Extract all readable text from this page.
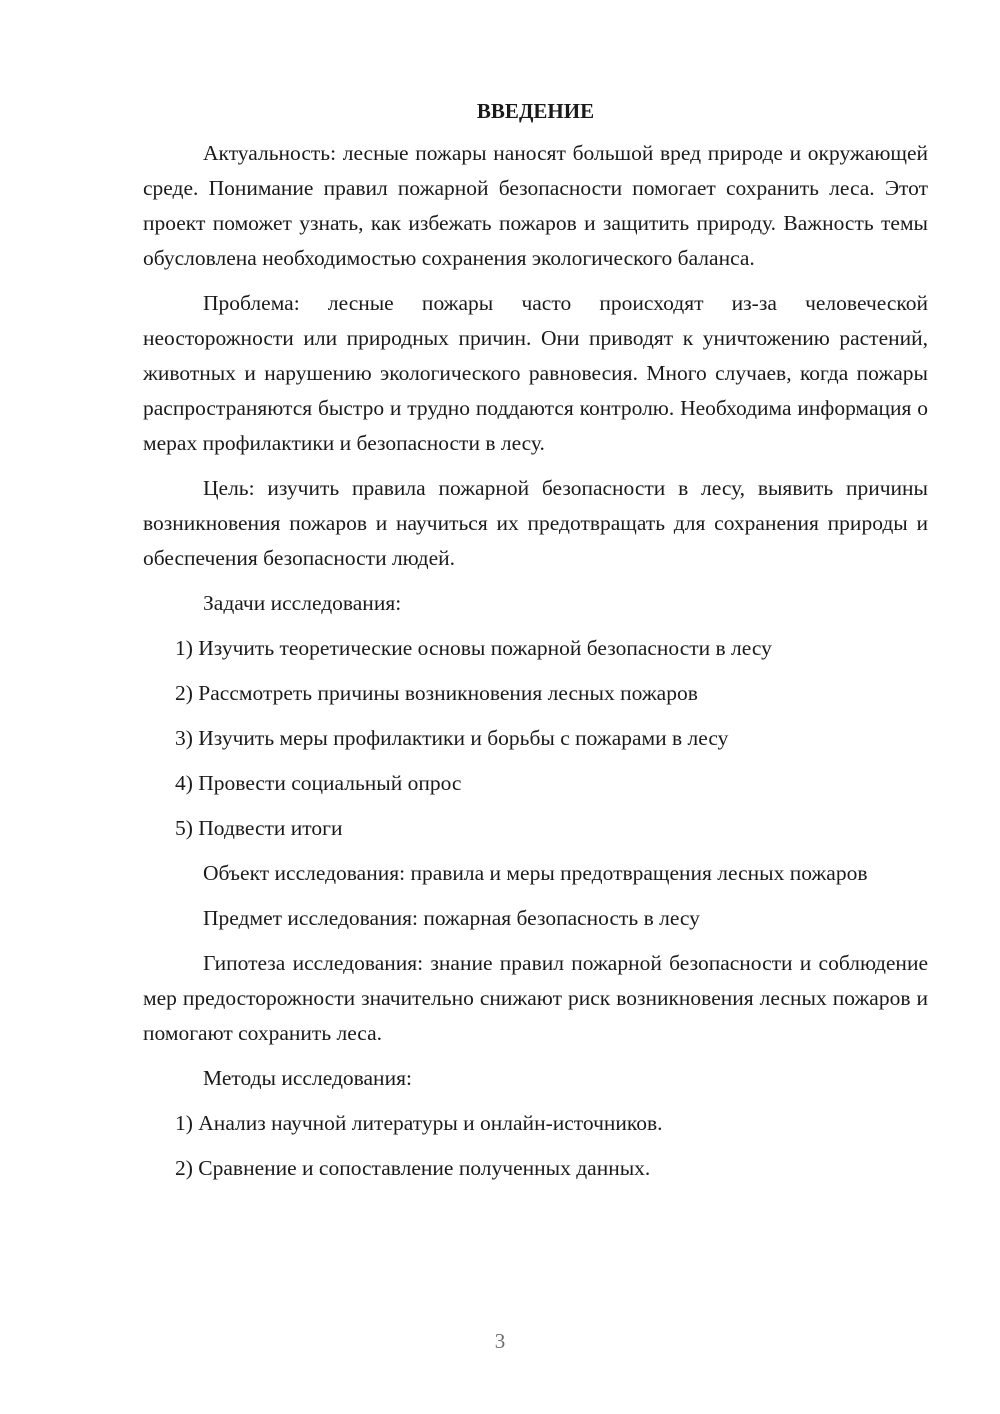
ВВЕДЕНИЕ

Актуальность: лесные пожары наносят большой вред природе и окружающей среде. Понимание правил пожарной безопасности помогает сохранить леса. Этот проект поможет узнать, как избежать пожаров и защитить природу. Важность темы обусловлена необходимостью сохранения экологического баланса.

Проблема: лесные пожары часто происходят из-за человеческой неосторожности или природных причин. Они приводят к уничтожению растений, животных и нарушению экологического равновесия. Много случаев, когда пожары распространяются быстро и трудно поддаются контролю. Необходима информация о мерах профилактики и безопасности в лесу.

Цель: изучить правила пожарной безопасности в лесу, выявить причины возникновения пожаров и научиться их предотвращать для сохранения природы и обеспечения безопасности людей.

Задачи исследования:

1) Изучить теоретические основы пожарной безопасности в лесу

2) Рассмотреть причины возникновения лесных пожаров

3) Изучить меры профилактики и борьбы с пожарами в лесу

4) Провести социальный опрос

5) Подвести итоги

Объект исследования: правила и меры предотвращения лесных пожаров

Предмет исследования: пожарная безопасность в лесу

Гипотеза исследования: знание правил пожарной безопасности и соблюдение мер предосторожности значительно снижают риск возникновения лесных пожаров и помогают сохранить леса.

Методы исследования:

1) Анализ научной литературы и онлайн-источников.

2) Сравнение и сопоставление полученных данных.

3
